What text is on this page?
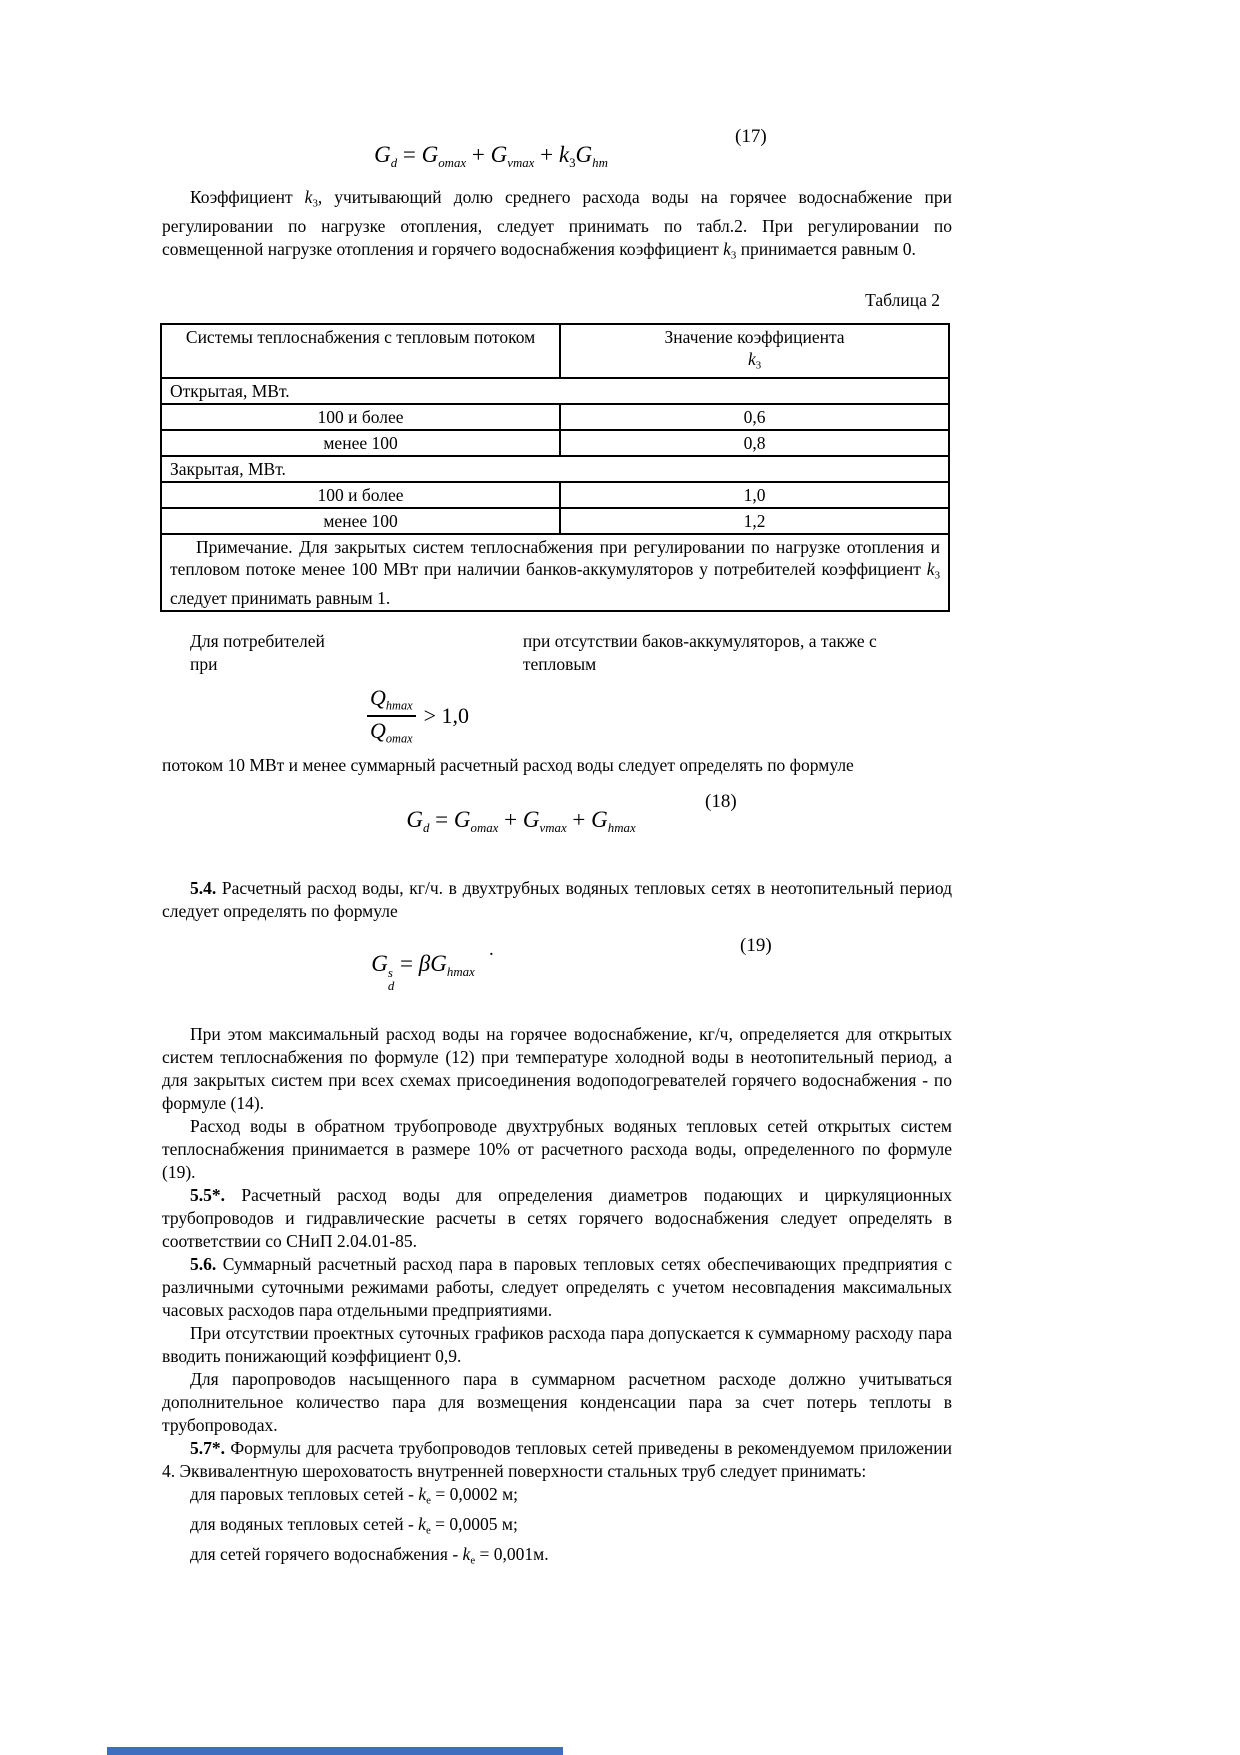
(17)
$G_d = G_{omax} + G_{vmax} + k_3G_{hm}$

Коэффициент $k_3$, учитывающий долю среднего расхода воды на горячее водоснабжение при регулировании по нагрузке отопления, следует принимать по табл.2. При регулировании по совмещенной нагрузке отопления и горячего водоснабжения коэффициент $k_3$ принимается равным 0.

Таблица 2
Системы теплоснабжения с тепловым потоком	Значение коэффициента
$k_3$

Открытая, МВт.	
100 и более	0,6
менее 100	0,8
Закрытая, МВт.	
100 и более	1,0
менее 100	1,2
Примечание. Для закрытых систем теплоснабжения при регулировании по нагрузке отопления и тепловом потоке менее 100 МВт при наличии банков-аккумуляторов у потребителей коэффициент $k_3$ следует принимать равным 1.	
Для потребителей при
при отсутствии баков-аккумуляторов, а также с тепловым
$\frac{Q_{hmax}}{Q_{omax}} > 1,0$

потоком 10 МВт и менее суммарный расчетный расход воды следует определять по формуле

(18)
$G_d = G_{omax} + G_{vmax} + G_{hmax}$

5.4. Расчетный расход воды, кг/ч. в двухтрубных водяных тепловых сетях в неотопительный период следует определять по формуле

(19)
.
G s
d
= $\beta G_{hmax}$

При этом максимальный расход воды на горячее водоснабжение, кг/ч, определяется для открытых систем теплоснабжения по формуле (12) при температуре холодной воды в неотопительный период, а для закрытых систем при всех схемах присоединения водоподогревателей горячего водоснабжения - по формуле (14).

Расход воды в обратном трубопроводе двухтрубных водяных тепловых сетей открытых систем теплоснабжения принимается в размере 10% от расчетного расхода воды, определенного по формуле (19).

5.5*. Расчетный расход воды для определения диаметров подающих и циркуляционных трубопроводов и гидравлические расчеты в сетях горячего водоснабжения следует определять в соответствии со СНиП 2.04.01-85.

5.6. Суммарный расчетный расход пара в паровых тепловых сетях обеспечивающих предприятия с различными суточными режимами работы, следует определять с учетом несовпадения максимальных часовых расходов пара отдельными предприятиями.

При отсутствии проектных суточных графиков расхода пара допускается к суммарному расходу пара вводить понижающий коэффициент 0,9.

Для паропроводов насыщенного пара в суммарном расчетном расходе должно учитываться дополнительное количество пара для возмещения конденсации пара за счет потерь теплоты в трубопроводах.

5.7*. Формулы для расчета трубопроводов тепловых сетей приведены в рекомендуемом приложении 4. Эквивалентную шероховатость внутренней поверхности стальных труб следует принимать:

для паровых тепловых сетей - $k_e = 0,0002$ м;

для водяных тепловых сетей - $k_e = 0,0005$ м;

для сетей горячего водоснабжения - $k_e = 0,001м$.
